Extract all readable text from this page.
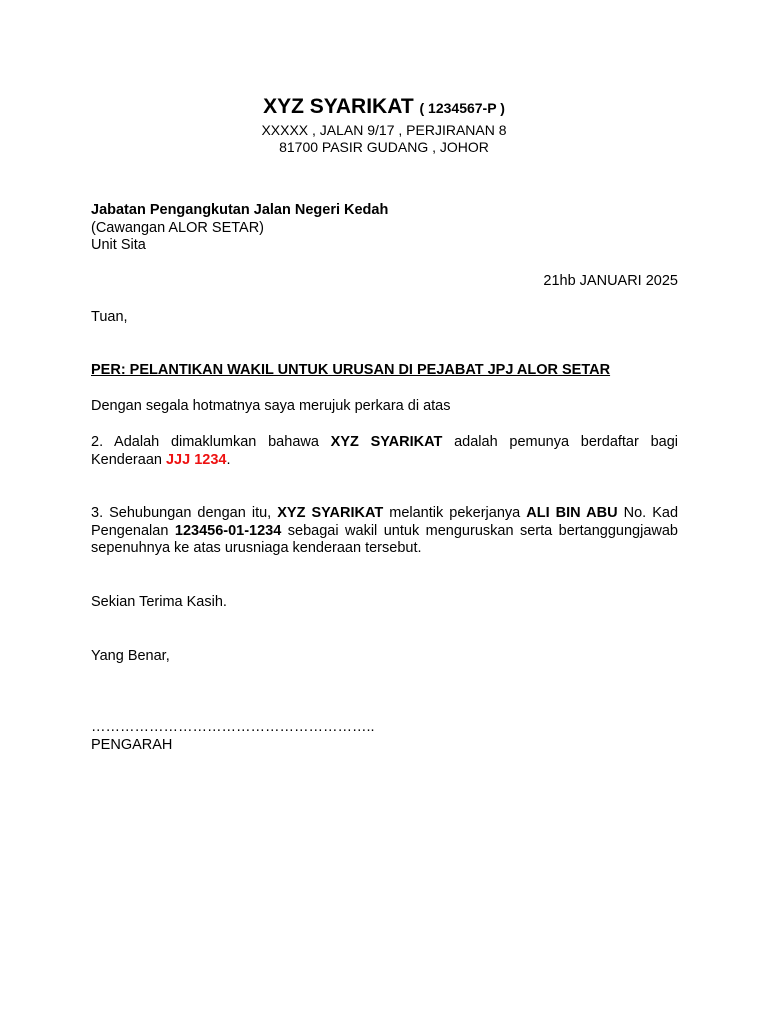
XYZ SYARIKAT ( 1234567-P )
XXXXX , JALAN 9/17 , PERJIRANAN 8
81700 PASIR GUDANG , JOHOR
Jabatan Pengangkutan Jalan Negeri Kedah
(Cawangan ALOR SETAR)
Unit Sita
21hb JANUARI 2025
Tuan,
PER: PELANTIKAN WAKIL UNTUK URUSAN DI PEJABAT JPJ ALOR SETAR
Dengan segala hotmatnya saya merujuk perkara di atas
2. Adalah dimaklumkan bahawa XYZ SYARIKAT adalah pemunya berdaftar bagi Kenderaan JJJ 1234.
3. Sehubungan dengan itu, XYZ SYARIKAT melantik pekerjanya ALI BIN ABU No. Kad Pengenalan 123456-01-1234 sebagai wakil untuk menguruskan serta bertanggungjawab sepenuhnya ke atas urusniaga kenderaan tersebut.
Sekian Terima Kasih.
Yang Benar,
…………………………………………………..
PENGARAH
